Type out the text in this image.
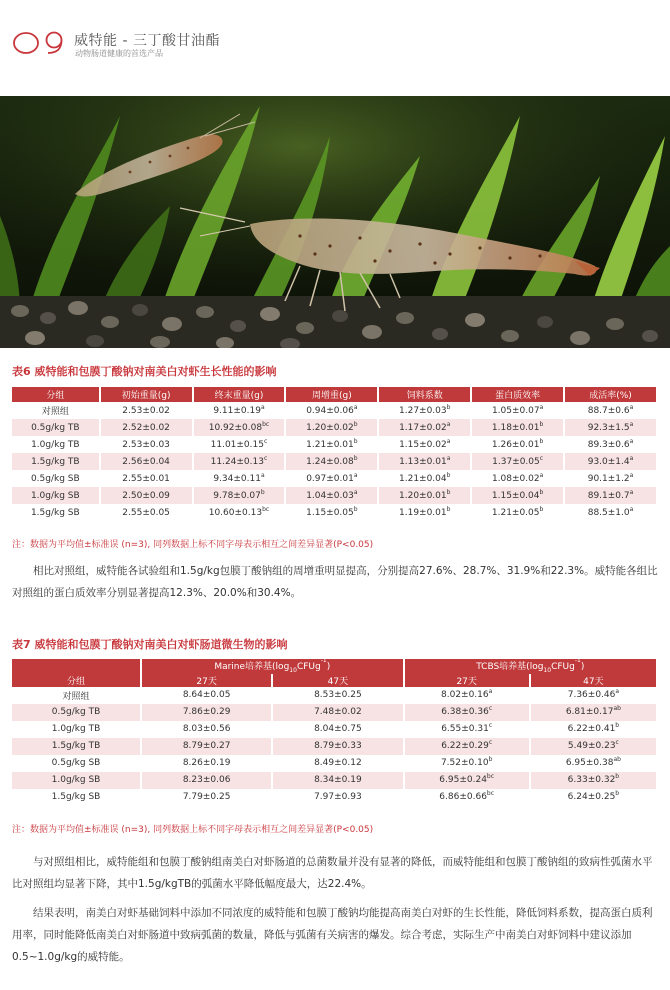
威特能 - 三丁酸甘油酯
动物肠道健康的首选产品
表6 威特能和包膜丁酸钠对南美白对虾生长性能的影响
分组	初始重量(g)	终末重量(g)	周增重(g)	饲料系数	蛋白质效率	成活率(%)
对照组	2.53±0.02	9.11±0.19$^a$	0.94±0.06$^a$	1.27±0.03$^b$	1.05±0.07$^a$	88.7±0.6$^a$
0.5g/kg TB	2.52±0.02	10.92±0.08$^{bc}$	1.20±0.02$^b$	1.17±0.02$^a$	1.18±0.01$^b$	92.3±1.5$^a$
1.0g/kg TB	2.53±0.03	11.01±0.15$^c$	1.21±0.01$^b$	1.15±0.02$^a$	1.26±0.01$^b$	89.3±0.6$^a$
1.5g/kg TB	2.56±0.04	11.24±0.13$^c$	1.24±0.08$^b$	1.13±0.01$^a$	1.37±0.05$^c$	93.0±1.4$^a$
0.5g/kg SB	2.55±0.01	9.34±0.11$^a$	0.97±0.01$^a$	1.21±0.04$^b$	1.08±0.02$^a$	90.1±1.2$^a$
1.0g/kg SB	2.50±0.09	9.78±0.07$^b$	1.04±0.03$^a$	1.20±0.01$^b$	1.15±0.04$^b$	89.1±0.7$^a$
1.5g/kg SB	2.55±0.05	10.60±0.13$^{bc}$	1.15±0.05$^b$	1.19±0.01$^b$	1.21±0.05$^b$	88.5±1.0$^a$
注：数据为平均值±标准误 (n=3), 同列数据上标不同字母表示相互之间差异显著(P<0.05)

相比对照组，威特能各试验组和1.5g/kg包膜丁酸钠组的周增重明显提高，分别提高27.6%、28.7%、31.9%和22.3%。威特能各组比对照组的蛋白质效率分别显著提高12.3%、20.0%和30.4%。

表7 威特能和包膜丁酸钠对南美白对虾肠道微生物的影响
分组	Marine培养基$(\log_{10}CFUg^{-1})$		TCBS培养基$(\log_{10}CFUg^{-1})$	
	27天	47天	27天	47天
对照组	8.64±0.05	8.53±0.25	8.02±0.16$^a$	7.36±0.46$^a$
0.5g/kg TB	7.86±0.29	7.48±0.02	6.38±0.36$^c$	6.81±0.17$^{ab}$
1.0g/kg TB	8.03±0.56	8.04±0.75	6.55±0.31$^c$	6.22±0.41$^b$
1.5g/kg TB	8.79±0.27	8.79±0.33	6.22±0.29$^c$	5.49±0.23$^c$
0.5g/kg SB	8.26±0.19	8.49±0.12	7.52±0.10$^b$	6.95±0.38$^{ab}$
1.0g/kg SB	8.23±0.06	8.34±0.19	6.95±0.24$^{bc}$	6.33±0.32$^b$
1.5g/kg SB	7.79±0.25	7.97±0.93	6.86±0.66$^{bc}$	6.24±0.25$^b$
注：数据为平均值±标准误 (n=3), 同列数据上标不同字母表示相互之间差异显著(P<0.05)

与对照组相比，威特能组和包膜丁酸钠组南美白对虾肠道的总菌数量并没有显著的降低，而威特能组和包膜丁酸钠组的致病性弧菌水平比对照组均显著下降，其中1.5g/kgTB的弧菌水平降低幅度最大，达22.4%。

结果表明，南美白对虾基础饲料中添加不同浓度的威特能和包膜丁酸钠均能提高南美白对虾的生长性能，降低饲料系数，提高蛋白质利用率，同时能降低南美白对虾肠道中致病弧菌的数量，降低与弧菌有关病害的爆发。综合考虑，实际生产中南美白对虾饲料中建议添加0.5~1.0g/kg的威特能。
